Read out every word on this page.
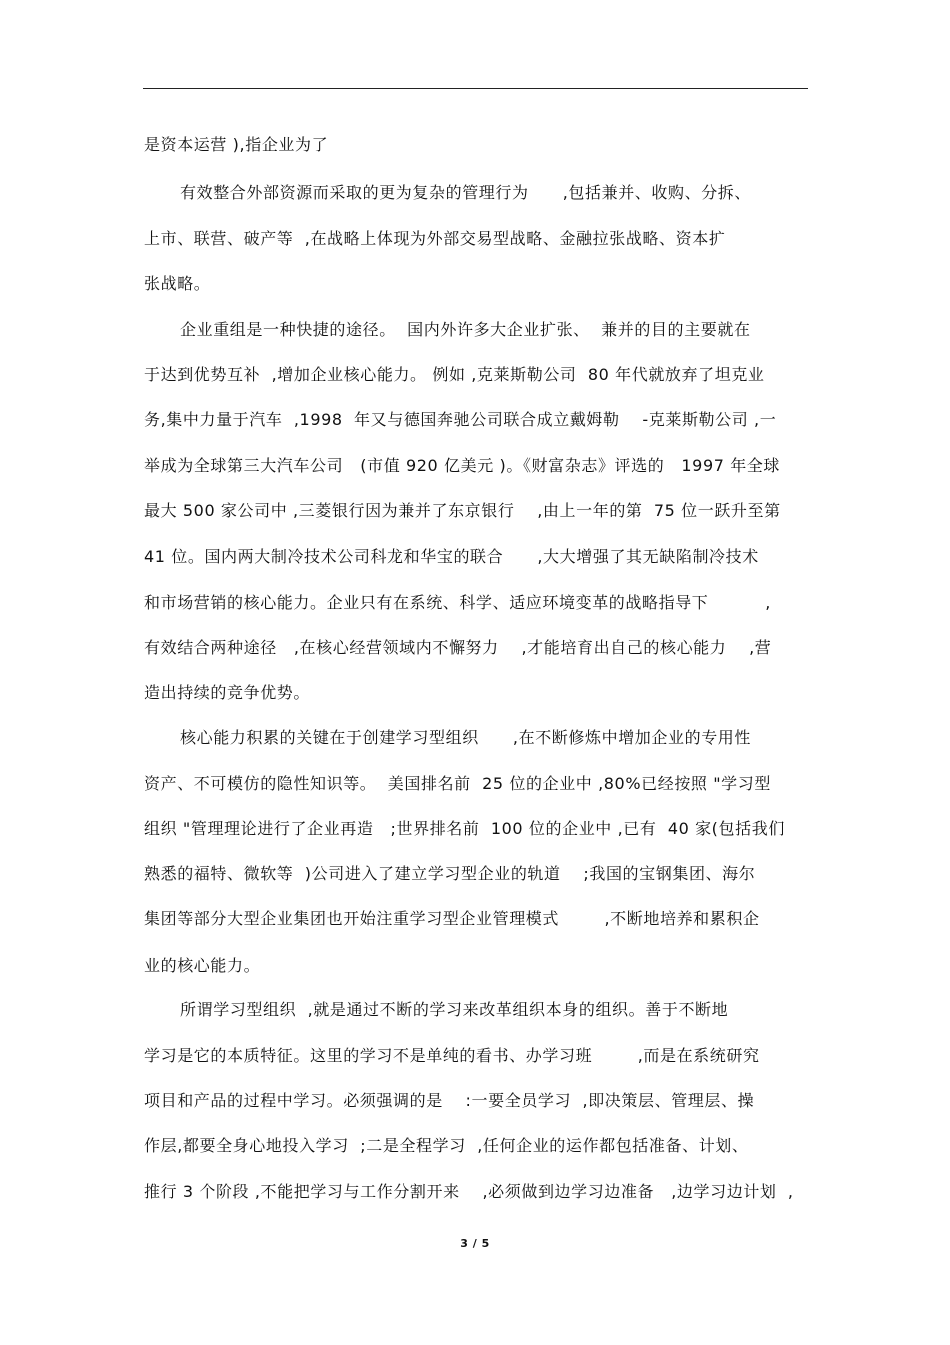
是资本运营 ),指企业为了
有效整合外部资源而采取的更为复杂的管理行为      ,包括兼并、收购、分拆、
上市、联营、破产等  ,在战略上体现为外部交易型战略、金融拉张战略、资本扩
张战略。
企业重组是一种快捷的途径。  国内外许多大企业扩张、  兼并的目的主要就在
于达到优势互补  ,增加企业核心能力。 例如 ,克莱斯勒公司  80 年代就放弃了坦克业
务,集中力量于汽车  ,1998  年又与德国奔驰公司联合成立戴姆勒    -克莱斯勒公司 ,一
举成为全球第三大汽车公司   (市值 920 亿美元 )。《财富杂志》评选的   1997 年全球
最大 500 家公司中 ,三菱银行因为兼并了东京银行    ,由上一年的第  75 位一跃升至第
41 位。国内两大制冷技术公司科龙和华宝的联合      ,大大增强了其无缺陷制冷技术
和市场营销的核心能力。企业只有在系统、科学、适应环境变革的战略指导下          ,
有效结合两种途径   ,在核心经营领域内不懈努力    ,才能培育出自己的核心能力    ,营
造出持续的竞争优势。
核心能力积累的关键在于创建学习型组织      ,在不断修炼中增加企业的专用性
资产、不可模仿的隐性知识等。  美国排名前  25 位的企业中 ,80%已经按照 "学习型
组织 "管理理论进行了企业再造   ;世界排名前  100 位的企业中 ,已有  40 家(包括我们
熟悉的福特、微软等  )公司进入了建立学习型企业的轨道    ;我国的宝钢集团、海尔
集团等部分大型企业集团也开始注重学习型企业管理模式        ,不断地培养和累积企
业的核心能力。
所谓学习型组织  ,就是通过不断的学习来改革组织本身的组织。善于不断地
学习是它的本质特征。这里的学习不是单纯的看书、办学习班        ,而是在系统研究
项目和产品的过程中学习。必须强调的是    :一要全员学习  ,即决策层、管理层、操
作层,都要全身心地投入学习  ;二是全程学习  ,任何企业的运作都包括准备、计划、
推行 3 个阶段 ,不能把学习与工作分割开来    ,必须做到边学习边准备   ,边学习边计划  ,
3 / 5
